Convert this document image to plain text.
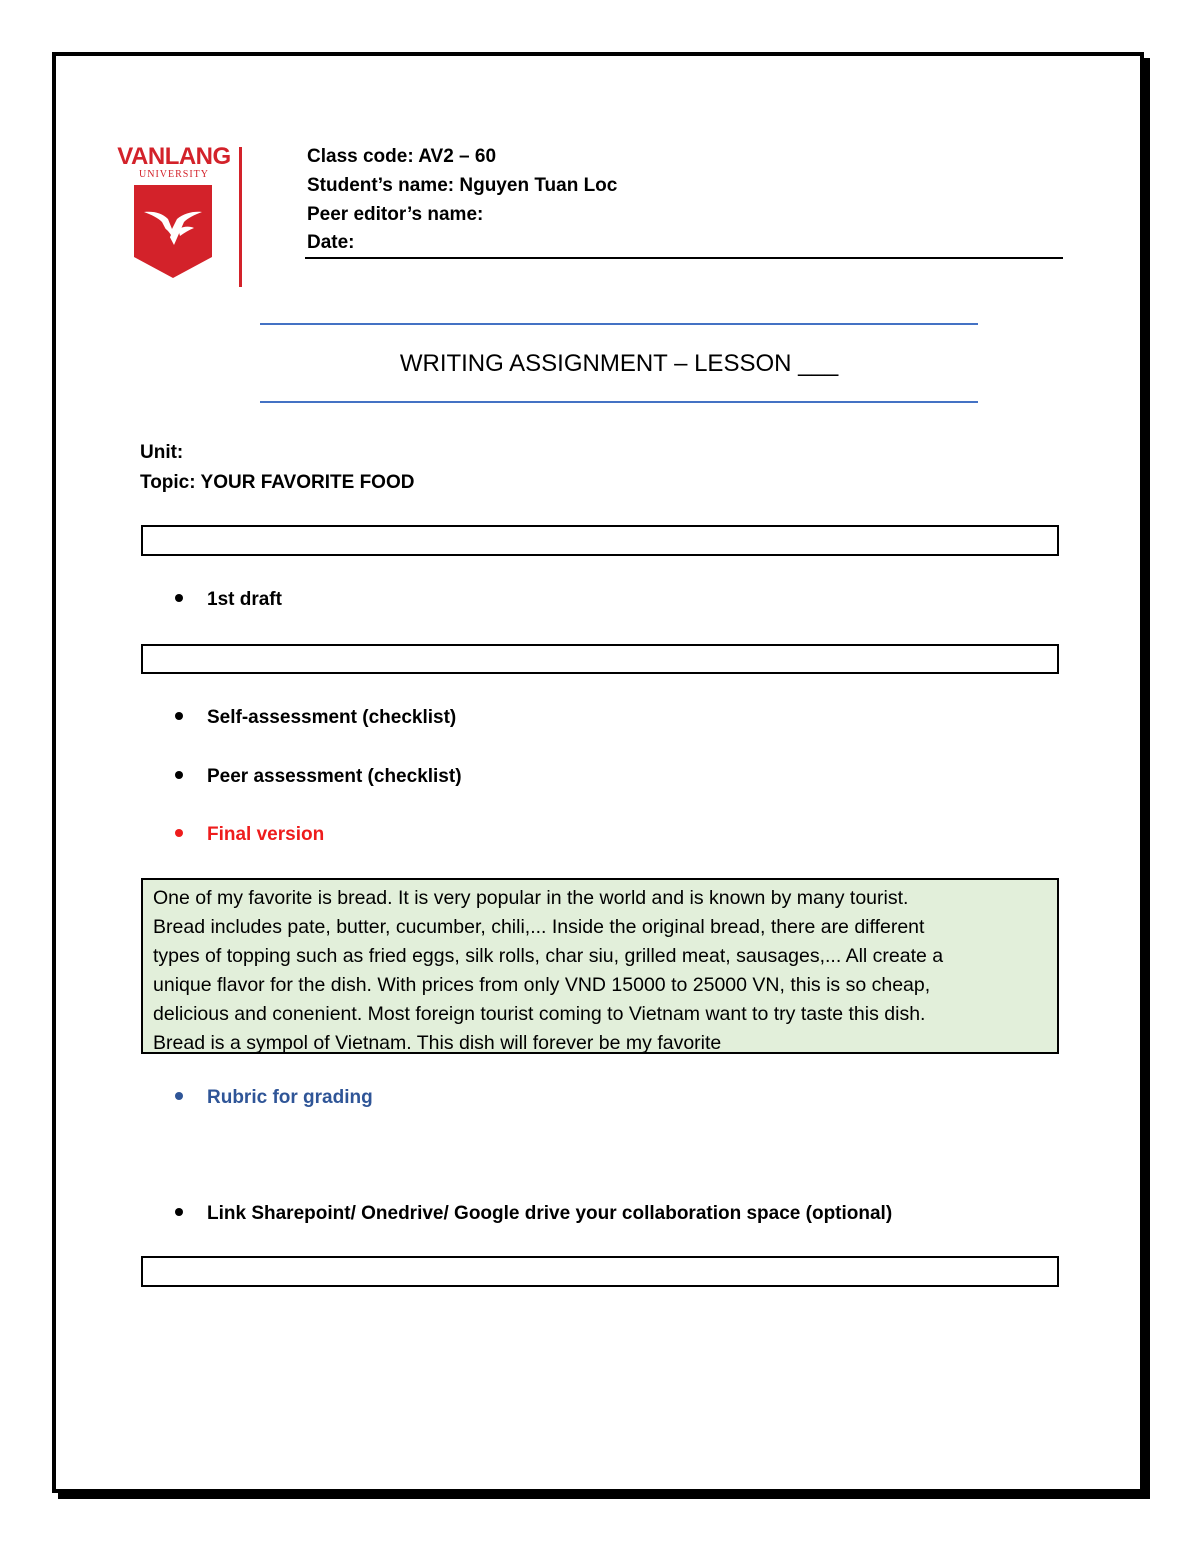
VANLANG
UNIVERSITY
Class code: AV2 – 60
Student’s name: Nguyen Tuan Loc
Peer editor’s name:
Date:
WRITING ASSIGNMENT – LESSON ___
Unit:
Topic: YOUR FAVORITE FOOD
1st draft
Self-assessment (checklist)
Peer assessment (checklist)
Final version

One of my favorite is bread. It is very popular in the world and is known by many tourist.

Bread includes pate, butter, cucumber, chili,... Inside the original bread, there are different

types of topping such as fried eggs, silk rolls, char siu, grilled meat, sausages,... All create a

unique flavor for the dish. With prices from only VND 15000 to 25000 VN, this is so cheap,

delicious and conenient. Most foreign tourist coming to Vietnam want to try taste this dish.

Bread is a sympol of Vietnam. This dish will forever be my favorite

Rubric for grading
Link Sharepoint/ Onedrive/ Google drive your collaboration space (optional)
